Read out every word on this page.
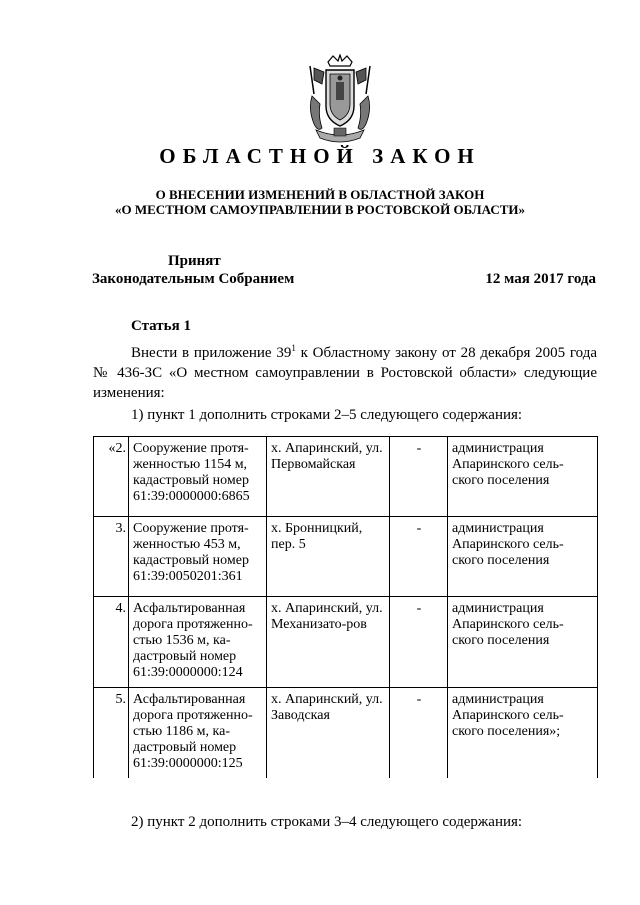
ОБЛАСТНОЙ ЗАКОН
О ВНЕСЕНИИ ИЗМЕНЕНИЙ В ОБЛАСТНОЙ ЗАКОН
«О МЕСТНОМ САМОУПРАВЛЕНИИ В РОСТОВСКОЙ ОБЛАСТИ»
Принят
Законодательным Собранием	12 мая 2017 года
Статья 1
Внести в приложение $39^1$ к Областному закону от 28 декабря 2005 года № 436-ЗС «О местном самоуправлении в Ростовской области» следующие изменения:
1) пункт 1 дополнить строками 2–5 следующего содержания:
«2.	Сооружение протя-женностью 1154 м, кадастровый номер 61:39:0000000:6865	х. Апаринский, ул. Первомайская	-	администрация Апаринского сель-ского поселения
3.	Сооружение протя-женностью 453 м, кадастровый номер 61:39:0050201:361	х. Бронницкий, пер. 5	-	администрация Апаринского сель-ского поселения
4.	Асфальтированная дорога протяженно-стью 1536 м, ка-дастровый номер 61:39:0000000:124	х. Апаринский, ул. Механизато-ров	-	администрация Апаринского сель-ского поселения
5.	Асфальтированная дорога протяженно-стью 1186 м, ка-дастровый номер 61:39:0000000:125	х. Апаринский, ул. Заводская	-	администрация Апаринского сель-ского поселения»;
2) пункт 2 дополнить строками 3–4 следующего содержания:
